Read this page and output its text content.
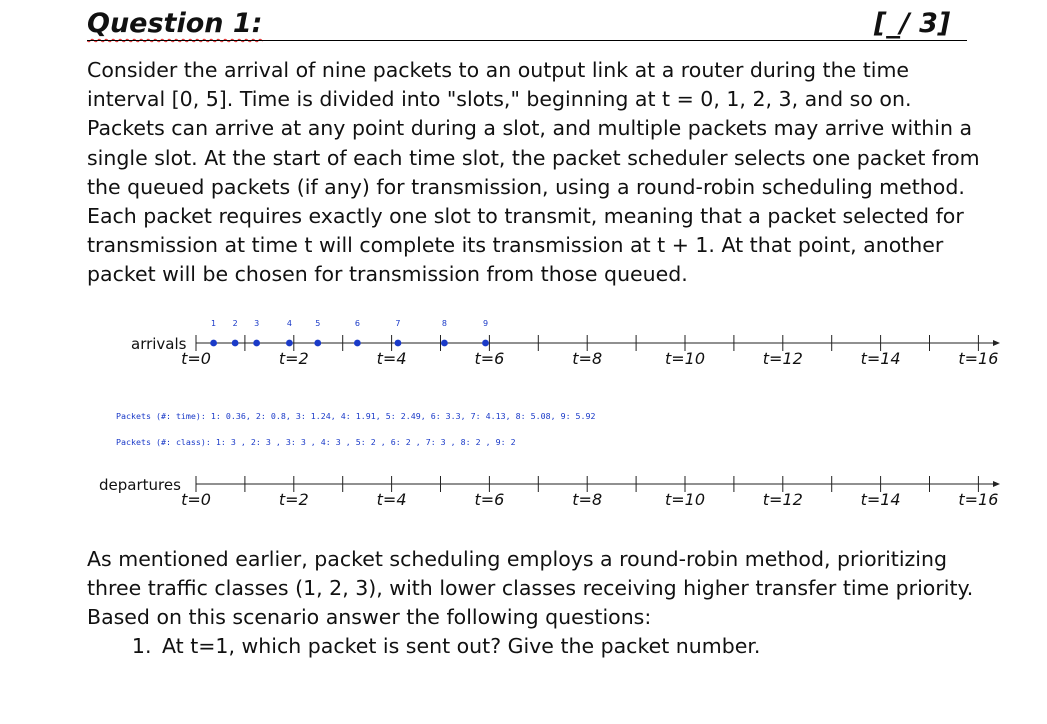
Question 1:	[_/ 3]

Consider the arrival of nine packets to an output link at a router during the time interval [0, 5]. Time is divided into "slots," beginning at t = 0, 1, 2, 3, and so on. Packets can arrive at any point during a slot, and multiple packets may arrive within a single slot. At the start of each time slot, the packet scheduler selects one packet from the queued packets (if any) for transmission, using a round-robin scheduling method. Each packet requires exactly one slot to transmit, meaning that a packet selected for transmission at time t will complete its transmission at t + 1. At that point, another packet will be chosen for transmission from those queued.

t=0	t=2	t=4	t=6	t=8	t=10	t=12	t=14	t=16
t=0	t=2	t=4	t=6	t=8	t=10	t=12	t=14	t=16
1 2 3	4	5	6	7	8	9
arrivals
departures
Packets (#: time): 1: 0.36, 2: 0.8, 3: 1.24, 4: 1.91, 5: 2.49, 6: 3.3, 7: 4.13, 8: 5.08, 9: 5.92
Packets (#: class): 1: 3 , 2: 3 , 3: 3 , 4: 3 , 5: 2 , 6: 2 , 7: 3 , 8: 2 , 9: 2

As mentioned earlier, packet scheduling employs a round-robin method, prioritizing three traffic classes (1, 2, 3), with lower classes receiving higher transfer time priority. Based on this scenario answer the following questions:

1. At t=1, which packet is sent out? Give the packet number.
